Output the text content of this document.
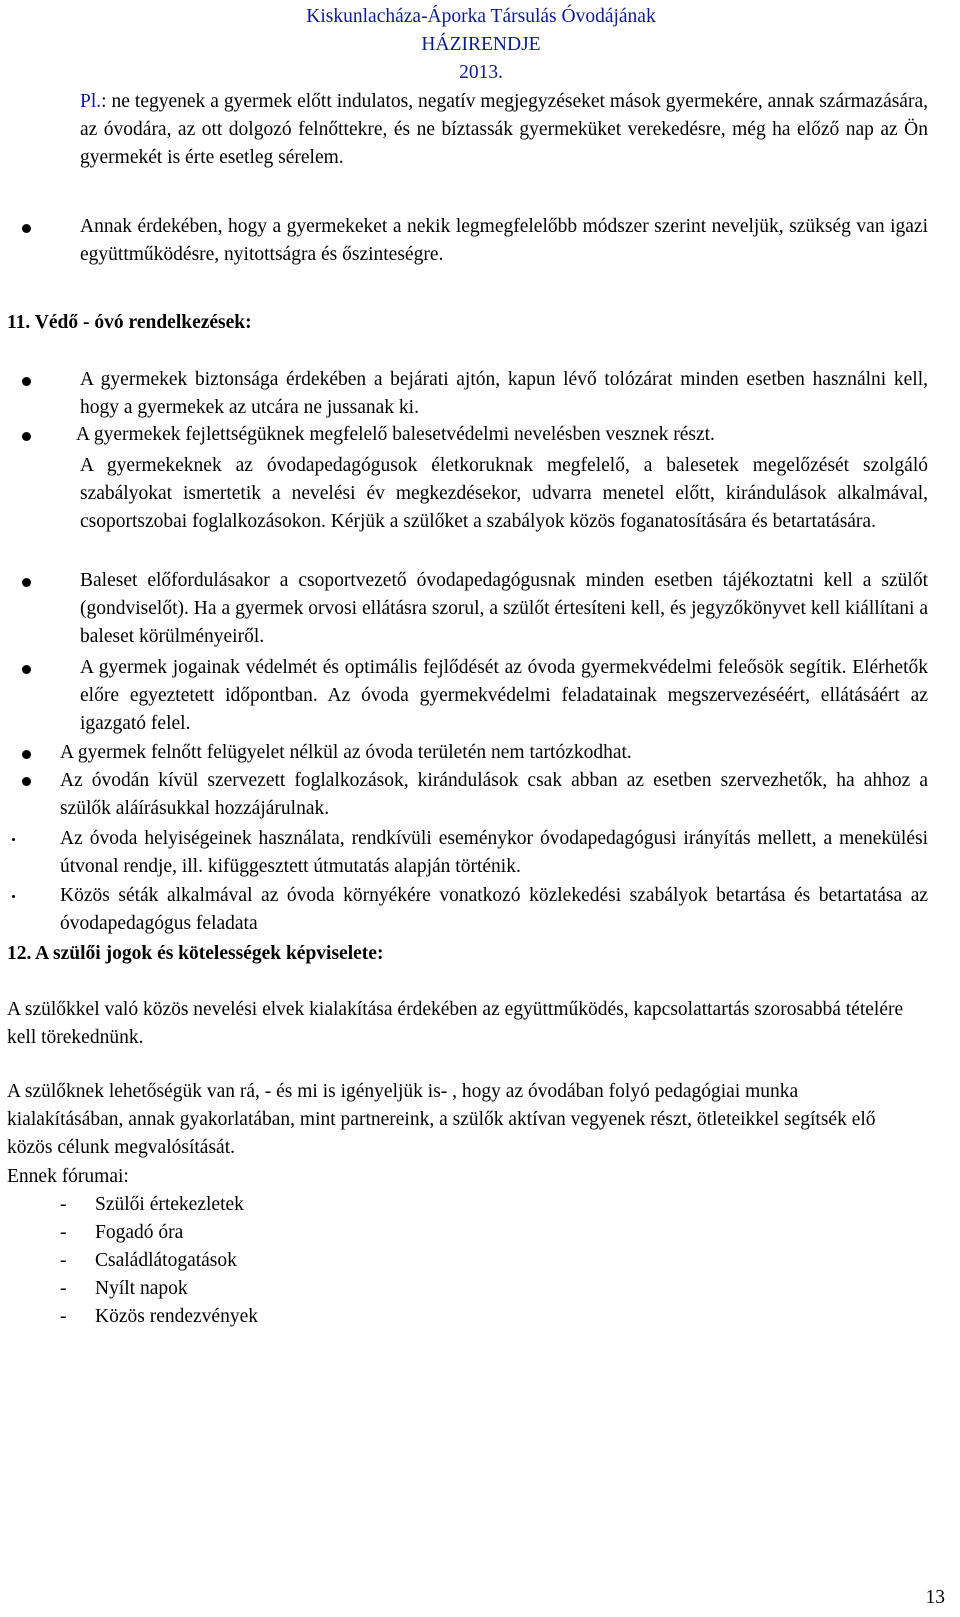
Kiskunlacháza-Áporka Társulás Óvodájának
HÁZIRENDJE
2013.
Pl.: ne tegyenek a gyermek előtt indulatos, negatív megjegyzéseket mások gyermekére, annak származására, az óvodára, az ott dolgozó felnőttekre, és ne bíztassák gyermeküket verekedésre, még ha előző nap az Ön gyermekét is érte esetleg sérelem.
Annak érdekében, hogy a gyermekeket a nekik legmegfelelőbb módszer szerint neveljük, szükség van igazi együttműködésre, nyitottságra és őszinteségre.
11. Védő - óvó rendelkezések:
A gyermekek biztonsága érdekében a bejárati ajtón, kapun lévő tolózárat minden esetben használni kell, hogy a gyermekek az utcára ne jussanak ki.
A gyermekek fejlettségüknek megfelelő balesetvédelmi nevelésben vesznek részt.
A gyermekeknek az óvodapedagógusok életkoruknak megfelelő, a balesetek megelőzését szolgáló szabályokat ismertetik a nevelési év megkezdésekor, udvarra menetel előtt, kirándulások alkalmával, csoportszobai foglalkozásokon. Kérjük a szülőket a szabályok közös foganatosítására és betartatására.
Baleset előfordulásakor a csoportvezető óvodapedagógusnak minden esetben tájékoztatni kell a szülőt (gondviselőt). Ha a gyermek orvosi ellátásra szorul, a szülőt értesíteni kell, és jegyzőkönyvet kell kiállítani a baleset körülményeiről.
A gyermek jogainak védelmét és optimális fejlődését az óvoda gyermekvédelmi feleősök segítik. Elérhetők előre egyeztetett időpontban. Az óvoda gyermekvédelmi feladatainak megszervezéséért, ellátásáért az igazgató felel.
A gyermek felnőtt felügyelet nélkül az óvoda területén nem tartózkodhat.
Az óvodán kívül szervezett foglalkozások, kirándulások csak abban az esetben szervezhetők, ha ahhoz a szülők aláírásukkal hozzájárulnak.
Az óvoda helyiségeinek használata, rendkívüli eseménykor óvodapedagógusi irányítás mellett, a menekülési útvonal rendje, ill. kifüggesztett útmutatás alapján történik.
Közös séták alkalmával az óvoda környékére vonatkozó közlekedési szabályok betartása és betartatása az óvodapedagógus feladata
12. A szülői jogok és kötelességek képviselete:
A szülőkkel való közös nevelési elvek kialakítása érdekében az együttműködés, kapcsolattartás szorosabbá tételére kell törekednünk.
A szülőknek lehetőségük van rá, - és mi is igényeljük is- , hogy az óvodában folyó pedagógiai munka kialakításában, annak gyakorlatában, mint partnereink, a szülők aktívan vegyenek részt, ötleteikkel segítsék elő közös célunk megvalósítását.
Ennek fórumai:
- Szülői értekezletek
- Fogadó óra
- Családlátogatások
- Nyílt napok
- Közös rendezvények
13
